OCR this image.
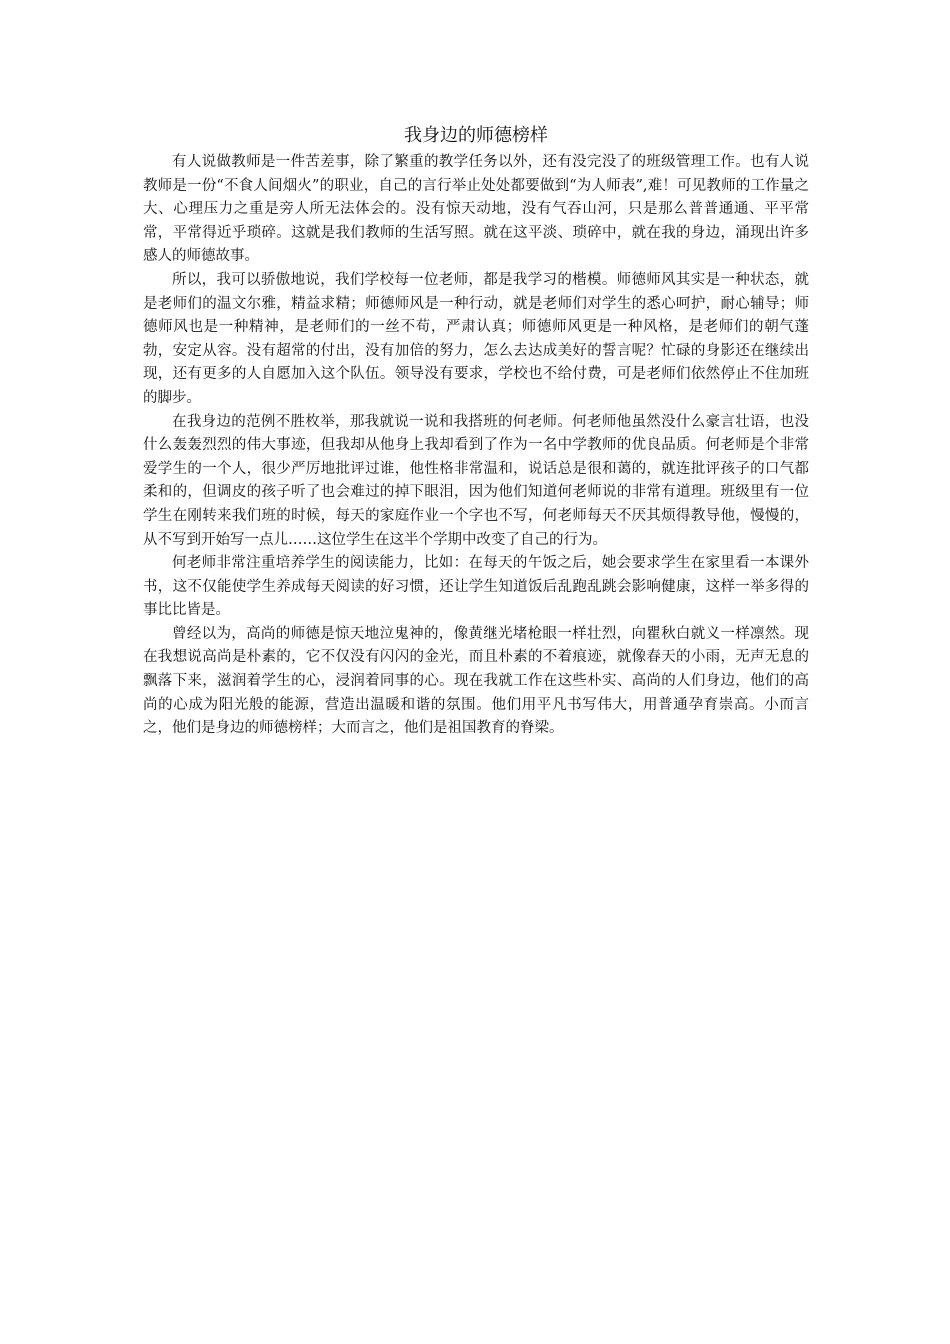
我身边的师德榜样

有人说做教师是一件苦差事，除了繁重的教学任务以外，还有没完没了的班级管理工作。也有人说教师是一份“不食人间烟火”的职业，自己的言行举止处处都要做到“为人师表”,难！可见教师的工作量之大、心理压力之重是旁人所无法体会的。没有惊天动地，没有气吞山河，只是那么普普通通、平平常常，平常得近乎琐碎。这就是我们教师的生活写照。就在这平淡、琐碎中，就在我的身边，涌现出许多感人的师德故事。

所以，我可以骄傲地说，我们学校每一位老师，都是我学习的楷模。师德师风其实是一种状态，就是老师们的温文尔雅，精益求精；师德师风是一种行动，就是老师们对学生的悉心呵护，耐心辅导；师德师风也是一种精神，是老师们的一丝不苟，严肃认真；师德师风更是一种风格，是老师们的朝气蓬勃，安定从容。没有超常的付出，没有加倍的努力，怎么去达成美好的誓言呢？忙碌的身影还在继续出现，还有更多的人自愿加入这个队伍。领导没有要求，学校也不给付费，可是老师们依然停止不住加班的脚步。

在我身边的范例不胜枚举，那我就说一说和我搭班的何老师。何老师他虽然没什么豪言壮语，也没什么轰轰烈烈的伟大事迹，但我却从他身上我却看到了作为一名中学教师的优良品质。何老师是个非常爱学生的一个人，很少严厉地批评过谁，他性格非常温和，说话总是很和蔼的，就连批评孩子的口气都柔和的，但调皮的孩子听了也会难过的掉下眼泪，因为他们知道何老师说的非常有道理。班级里有一位学生在刚转来我们班的时候，每天的家庭作业一个字也不写，何老师每天不厌其烦得教导他，慢慢的，从不写到开始写一点儿……这位学生在这半个学期中改变了自己的行为。

何老师非常注重培养学生的阅读能力，比如：在每天的午饭之后，她会要求学生在家里看一本课外书，这不仅能使学生养成每天阅读的好习惯，还让学生知道饭后乱跑乱跳会影响健康，这样一举多得的事比比皆是。

曾经以为，高尚的师德是惊天地泣鬼神的，像黄继光堵枪眼一样壮烈，向瞿秋白就义一样凛然。现在我想说高尚是朴素的，它不仅没有闪闪的金光，而且朴素的不着痕迹，就像春天的小雨，无声无息的飘落下来，滋润着学生的心，浸润着同事的心。现在我就工作在这些朴实、高尚的人们身边，他们的高尚的心成为阳光般的能源，营造出温暖和谐的氛围。他们用平凡书写伟大，用普通孕育崇高。小而言之，他们是身边的师德榜样；大而言之，他们是祖国教育的脊梁。
